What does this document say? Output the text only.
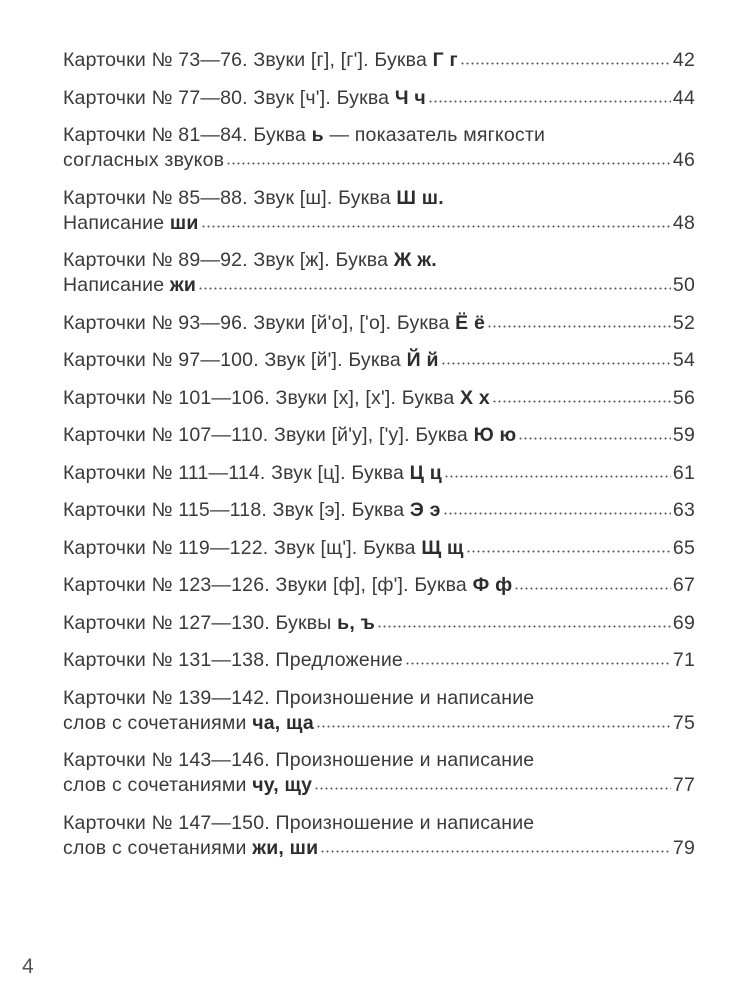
Карточки № 73—76. Звуки [г], [г']. Буква Г г	42
Карточки № 77—80. Звук [ч']. Буква Ч ч	44
Карточки № 81—84. Буква ь — показатель мягкости
согласных звуков	46
Карточки № 85—88. Звук [ш]. Буква Ш ш.
Написание ши	48
Карточки № 89—92. Звук [ж]. Буква Ж ж.
Написание жи	50
Карточки № 93—96. Звуки [й'о], ['о]. Буква Ё ё	52
Карточки № 97—100. Звук [й']. Буква Й й	54
Карточки № 101—106. Звуки [х], [х']. Буква Х х	56
Карточки № 107—110. Звуки [й'у], ['у]. Буква Ю ю	59
Карточки № 111—114. Звук [ц]. Буква Ц ц	61
Карточки № 115—118. Звук [э]. Буква Э э	63
Карточки № 119—122. Звук [щ']. Буква Щ щ	65
Карточки № 123—126. Звуки [ф], [ф']. Буква Ф ф	67
Карточки № 127—130. Буквы ь, ъ	69
Карточки № 131—138. Предложение	71
Карточки № 139—142. Произношение и написание
слов с сочетаниями ча, ща	75
Карточки № 143—146. Произношение и написание
слов с сочетаниями чу, щу	77
Карточки № 147—150. Произношение и написание
слов с сочетаниями жи, ши	79
4
